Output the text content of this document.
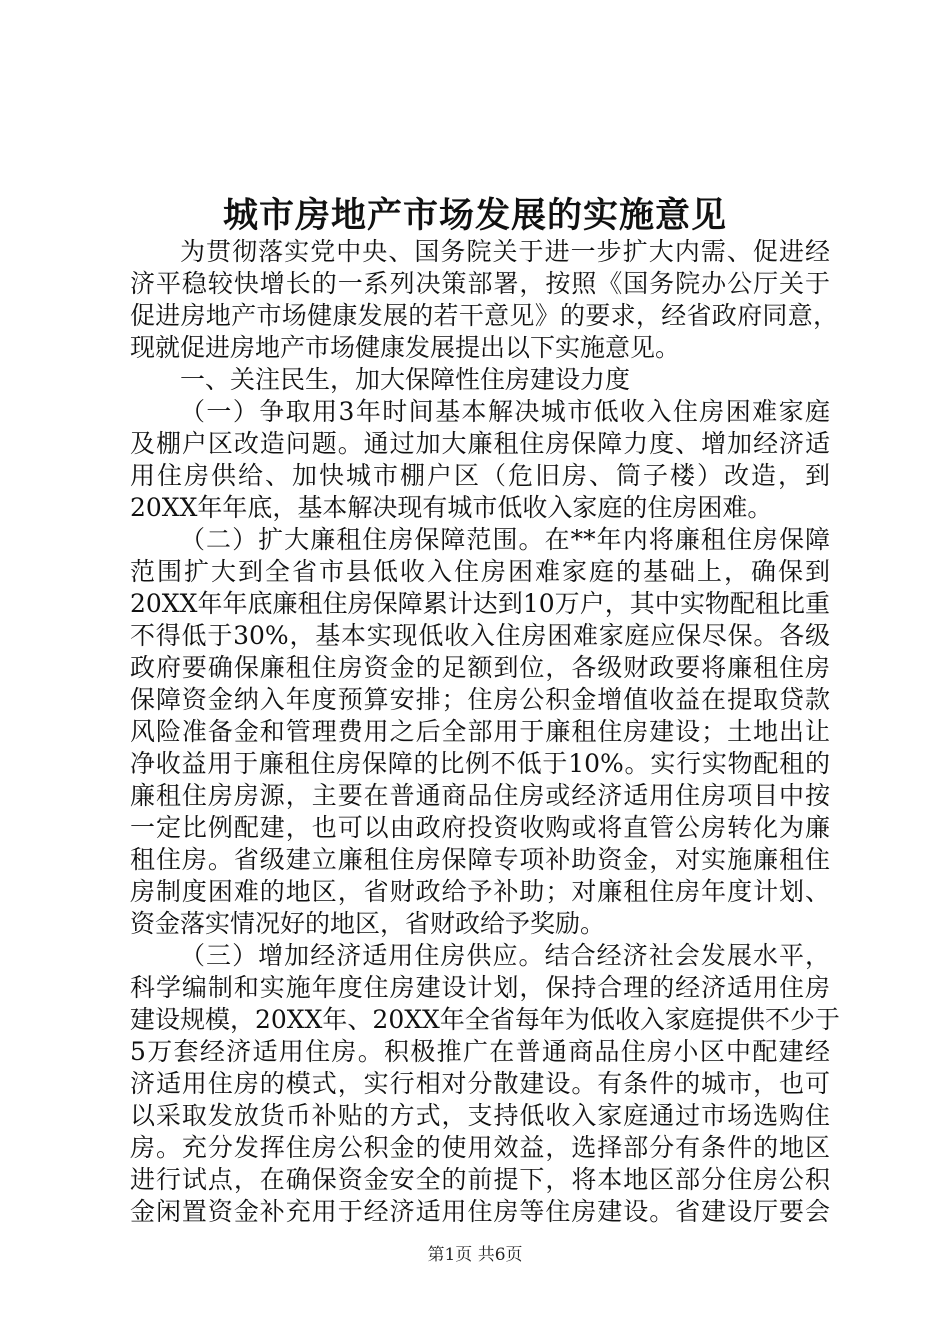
城市房地产市场发展的实施意见
为贯彻落实党中央、国务院关于进一步扩大内需、促进经
济平稳较快增长的一系列决策部署，按照《国务院办公厅关于
促进房地产市场健康发展的若干意见》的要求，经省政府同意，
现就促进房地产市场健康发展提出以下实施意见。
一、关注民生，加大保障性住房建设力度
（一）争取用3年时间基本解决城市低收入住房困难家庭
及棚户区改造问题。通过加大廉租住房保障力度、增加经济适
用住房供给、加快城市棚户区（危旧房、筒子楼）改造，到
20XX年年底，基本解决现有城市低收入家庭的住房困难。
（二）扩大廉租住房保障范围。在**年内将廉租住房保障
范围扩大到全省市县低收入住房困难家庭的基础上，确保到
20XX年年底廉租住房保障累计达到10万户，其中实物配租比重
不得低于30%，基本实现低收入住房困难家庭应保尽保。各级
政府要确保廉租住房资金的足额到位，各级财政要将廉租住房
保障资金纳入年度预算安排；住房公积金增值收益在提取贷款
风险准备金和管理费用之后全部用于廉租住房建设；土地出让
净收益用于廉租住房保障的比例不低于10%。实行实物配租的
廉租住房房源，主要在普通商品住房或经济适用住房项目中按
一定比例配建，也可以由政府投资收购或将直管公房转化为廉
租住房。省级建立廉租住房保障专项补助资金，对实施廉租住
房制度困难的地区，省财政给予补助；对廉租住房年度计划、
资金落实情况好的地区，省财政给予奖励。
（三）增加经济适用住房供应。结合经济社会发展水平，
科学编制和实施年度住房建设计划，保持合理的经济适用住房
建设规模，20XX年、20XX年全省每年为低收入家庭提供不少于
5万套经济适用住房。积极推广在普通商品住房小区中配建经
济适用住房的模式，实行相对分散建设。有条件的城市，也可
以采取发放货币补贴的方式，支持低收入家庭通过市场选购住
房。充分发挥住房公积金的使用效益，选择部分有条件的地区
进行试点，在确保资金安全的前提下，将本地区部分住房公积
金闲置资金补充用于经济适用住房等住房建设。省建设厅要会
第1页 共6页
